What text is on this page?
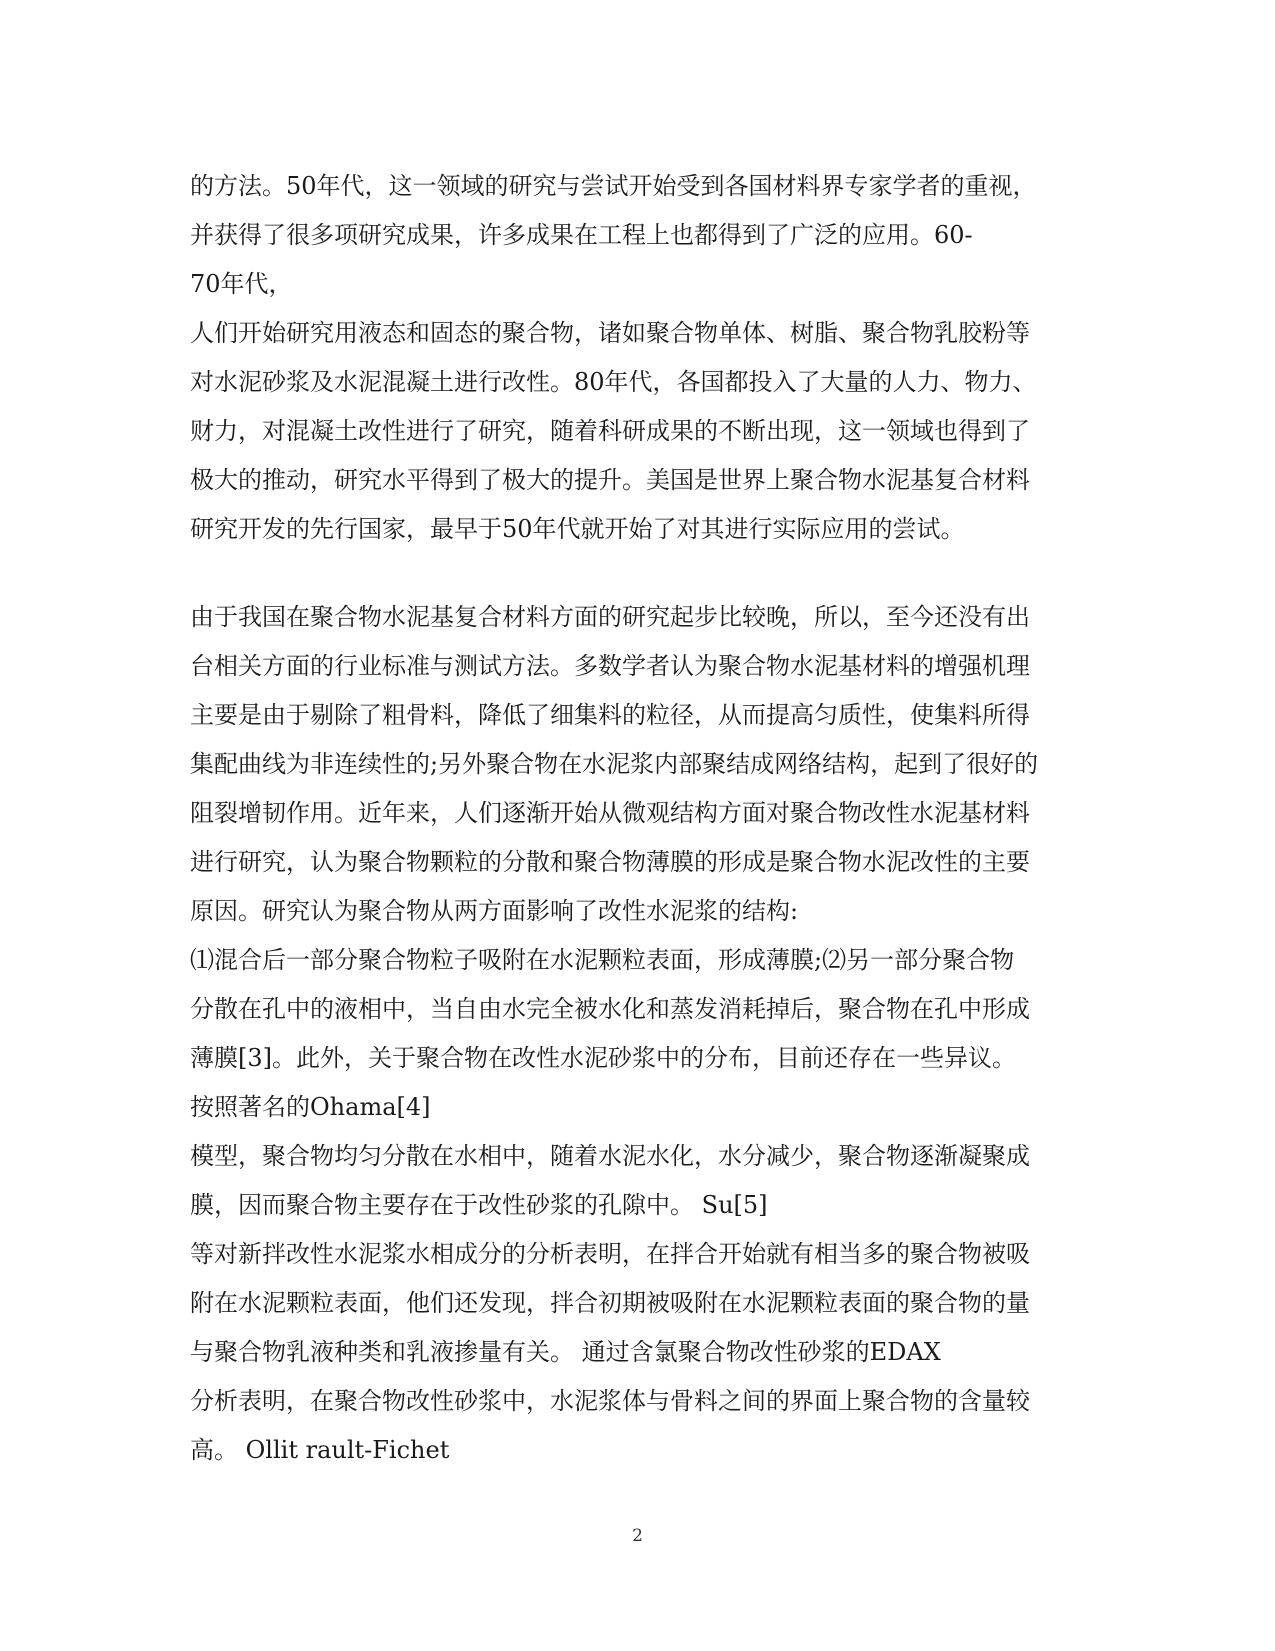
的方法。50年代，这一领域的研究与尝试开始受到各国材料界专家学者的重视，
并获得了很多项研究成果，许多成果在工程上也都得到了广泛的应用。60-
70年代，
人们开始研究用液态和固态的聚合物，诸如聚合物单体、树脂、聚合物乳胶粉等
对水泥砂浆及水泥混凝土进行改性。80年代，各国都投入了大量的人力、物力、
财力，对混凝土改性进行了研究，随着科研成果的不断出现，这一领域也得到了
极大的推动，研究水平得到了极大的提升。美国是世界上聚合物水泥基复合材料
研究开发的先行国家，最早于50年代就开始了对其进行实际应用的尝试。
由于我国在聚合物水泥基复合材料方面的研究起步比较晚，所以，至今还没有出
台相关方面的行业标准与测试方法。多数学者认为聚合物水泥基材料的增强机理
主要是由于剔除了粗骨料，降低了细集料的粒径，从而提高匀质性，使集料所得
集配曲线为非连续性的;另外聚合物在水泥浆内部聚结成网络结构，起到了很好的
阻裂增韧作用。近年来，人们逐渐开始从微观结构方面对聚合物改性水泥基材料
进行研究，认为聚合物颗粒的分散和聚合物薄膜的形成是聚合物水泥改性的主要
原因。研究认为聚合物从两方面影响了改性水泥浆的结构:
⑴混合后一部分聚合物粒子吸附在水泥颗粒表面，形成薄膜;⑵另一部分聚合物
分散在孔中的液相中，当自由水完全被水化和蒸发消耗掉后，聚合物在孔中形成
薄膜[3]。此外，关于聚合物在改性水泥砂浆中的分布，目前还存在一些异议。
按照著名的Ohama[4]
模型，聚合物均匀分散在水相中，随着水泥水化，水分减少，聚合物逐渐凝聚成
膜，因而聚合物主要存在于改性砂浆的孔隙中。 Su[5]
等对新拌改性水泥浆水相成分的分析表明，在拌合开始就有相当多的聚合物被吸
附在水泥颗粒表面，他们还发现，拌合初期被吸附在水泥颗粒表面的聚合物的量
与聚合物乳液种类和乳液掺量有关。 通过含氯聚合物改性砂浆的EDAX
分析表明，在聚合物改性砂浆中，水泥浆体与骨料之间的界面上聚合物的含量较
高。 Ollit rault-Fichet
2
